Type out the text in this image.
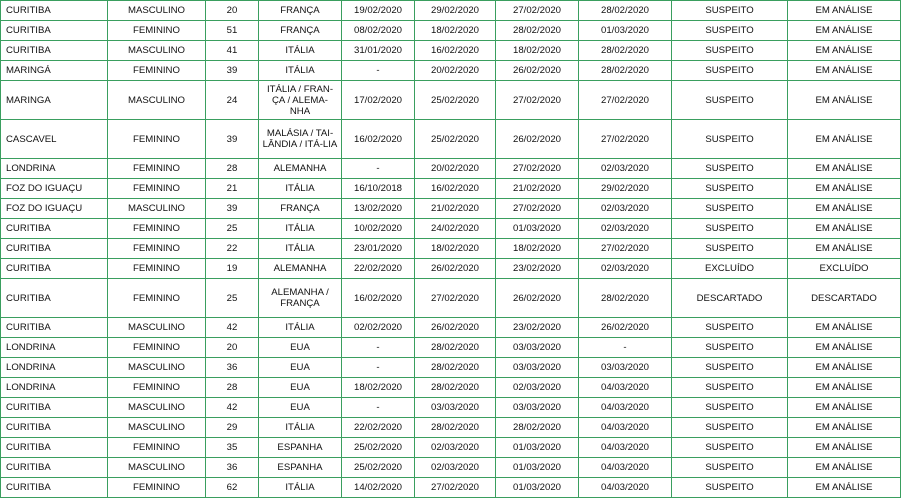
CURITIBA	MASCULINO	20	FRANÇA	19/02/2020	29/02/2020	27/02/2020	28/02/2020	SUSPEITO	EM ANÁLISE
CURITIBA	FEMININO	51	FRANÇA	08/02/2020	18/02/2020	28/02/2020	01/03/2020	SUSPEITO	EM ANÁLISE
CURITIBA	MASCULINO	41	ITÁLIA	31/01/2020	16/02/2020	18/02/2020	28/02/2020	SUSPEITO	EM ANÁLISE
MARINGÁ	FEMININO	39	ITÁLIA	-	20/02/2020	26/02/2020	28/02/2020	SUSPEITO	EM ANÁLISE
MARINGA	MASCULINO	24	ITÁLIA / FRAN-ÇA / ALEMA-NHA	17/02/2020	25/02/2020	27/02/2020	27/02/2020	SUSPEITO	EM ANÁLISE
CASCAVEL	FEMININO	39	MALÁSIA / TAI-LÂNDIA / ITÁ-LIA	16/02/2020	25/02/2020	26/02/2020	27/02/2020	SUSPEITO	EM ANÁLISE
LONDRINA	FEMININO	28	ALEMANHA	-	20/02/2020	27/02/2020	02/03/2020	SUSPEITO	EM ANÁLISE
FOZ DO IGUAÇU	FEMININO	21	ITÁLIA	16/10/2018	16/02/2020	21/02/2020	29/02/2020	SUSPEITO	EM ANÁLISE
FOZ DO IGUAÇU	MASCULINO	39	FRANÇA	13/02/2020	21/02/2020	27/02/2020	02/03/2020	SUSPEITO	EM ANÁLISE
CURITIBA	FEMININO	25	ITÁLIA	10/02/2020	24/02/2020	01/03/2020	02/03/2020	SUSPEITO	EM ANÁLISE
CURITIBA	FEMININO	22	ITÁLIA	23/01/2020	18/02/2020	18/02/2020	27/02/2020	SUSPEITO	EM ANÁLISE
CURITIBA	FEMININO	19	ALEMANHA	22/02/2020	26/02/2020	23/02/2020	02/03/2020	EXCLUÍDO	EXCLUÍDO
CURITIBA	FEMININO	25	ALEMANHA / FRANÇA	16/02/2020	27/02/2020	26/02/2020	28/02/2020	DESCARTADO	DESCARTADO
CURITIBA	MASCULINO	42	ITÁLIA	02/02/2020	26/02/2020	23/02/2020	26/02/2020	SUSPEITO	EM ANÁLISE
LONDRINA	FEMININO	20	EUA	-	28/02/2020	03/03/2020	-	SUSPEITO	EM ANÁLISE
LONDRINA	MASCULINO	36	EUA	-	28/02/2020	03/03/2020	03/03/2020	SUSPEITO	EM ANÁLISE
LONDRINA	FEMININO	28	EUA	18/02/2020	28/02/2020	02/03/2020	04/03/2020	SUSPEITO	EM ANÁLISE
CURITIBA	MASCULINO	42	EUA	-	03/03/2020	03/03/2020	04/03/2020	SUSPEITO	EM ANÁLISE
CURITIBA	MASCULINO	29	ITÁLIA	22/02/2020	28/02/2020	28/02/2020	04/03/2020	SUSPEITO	EM ANÁLISE
CURITIBA	FEMININO	35	ESPANHA	25/02/2020	02/03/2020	01/03/2020	04/03/2020	SUSPEITO	EM ANÁLISE
CURITIBA	MASCULINO	36	ESPANHA	25/02/2020	02/03/2020	01/03/2020	04/03/2020	SUSPEITO	EM ANÁLISE
CURITIBA	FEMININO	62	ITÁLIA	14/02/2020	27/02/2020	01/03/2020	04/03/2020	SUSPEITO	EM ANÁLISE
